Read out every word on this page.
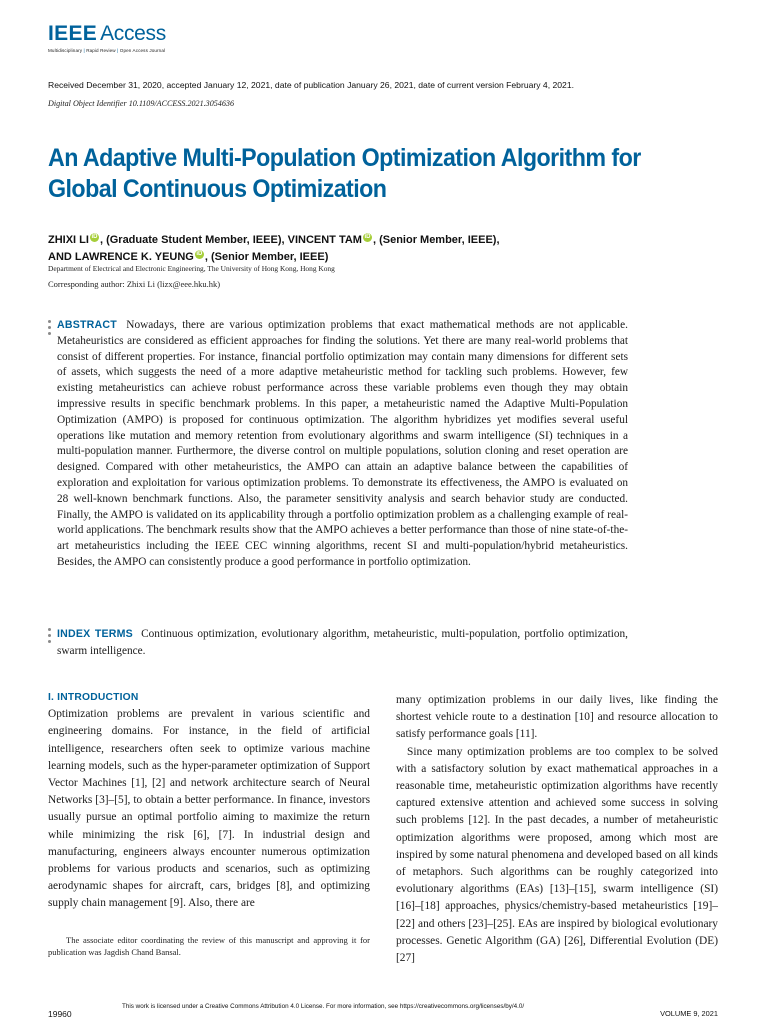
IEEE Access
Multidisciplinary | Rapid Review | Open Access Journal
Received December 31, 2020, accepted January 12, 2021, date of publication January 26, 2021, date of current version February 4, 2021.
Digital Object Identifier 10.1109/ACCESS.2021.3054636
An Adaptive Multi-Population Optimization Algorithm for Global Continuous Optimization
ZHIXI LI iD , (Graduate Student Member, IEEE), VINCENT TAM iD , (Senior Member, IEEE),
AND LAWRENCE K. YEUNG iD , (Senior Member, IEEE)
Department of Electrical and Electronic Engineering, The University of Hong Kong, Hong Kong
Corresponding author: Zhixi Li (lizx@eee.hku.hk)
ABSTRACT Nowadays, there are various optimization problems that exact mathematical methods are not applicable. Metaheuristics are considered as efficient approaches for finding the solutions. Yet there are many real-world problems that consist of different properties. For instance, financial portfolio optimization may contain many dimensions for different sets of assets, which suggests the need of a more adaptive metaheuristic method for tackling such problems. However, few existing metaheuristics can achieve robust performance across these variable problems even though they may obtain impressive results in specific benchmark problems. In this paper, a metaheuristic named the Adaptive Multi-Population Optimization (AMPO) is proposed for continuous optimization. The algorithm hybridizes yet modifies several useful operations like mutation and memory retention from evolutionary algorithms and swarm intelligence (SI) techniques in a multi-population manner. Furthermore, the diverse control on multiple populations, solution cloning and reset operation are designed. Compared with other metaheuristics, the AMPO can attain an adaptive balance between the capabilities of exploration and exploitation for various optimization problems. To demonstrate its effectiveness, the AMPO is evaluated on 28 well-known benchmark functions. Also, the parameter sensitivity analysis and search behavior study are conducted. Finally, the AMPO is validated on its applicability through a portfolio optimization problem as a challenging example of real-world applications. The benchmark results show that the AMPO achieves a better performance than those of nine state-of-the-art metaheuristics including the IEEE CEC winning algorithms, recent SI and multi-population/hybrid metaheuristics. Besides, the AMPO can consistently produce a good performance in portfolio optimization.
INDEX TERMS Continuous optimization, evolutionary algorithm, metaheuristic, multi-population, portfolio optimization, swarm intelligence.
I. INTRODUCTION

Optimization problems are prevalent in various scientific and engineering domains. For instance, in the field of artificial intelligence, researchers often seek to optimize various machine learning models, such as the hyper-parameter optimization of Support Vector Machines [1], [2] and network architecture search of Neural Networks [3]–[5], to obtain a better performance. In finance, investors usually pursue an optimal portfolio aiming to maximize the return while minimizing the risk [6], [7]. In industrial design and manufacturing, engineers always encounter numerous optimization problems for various products and scenarios, such as optimizing aerodynamic shapes for aircraft, cars, bridges [8], and optimizing supply chain management [9]. Also, there are

many optimization problems in our daily lives, like finding the shortest vehicle route to a destination [10] and resource allocation to satisfy performance goals [11].

Since many optimization problems are too complex to be solved with a satisfactory solution by exact mathematical approaches in a reasonable time, metaheuristic optimization algorithms have recently captured extensive attention and achieved some success in solving such problems [12]. In the past decades, a number of metaheuristic optimization algorithms were proposed, among which most are inspired by some natural phenomena and developed based on all kinds of metaphors. Such algorithms can be roughly categorized into evolutionary algorithms (EAs) [13]–[15], swarm intelligence (SI) [16]–[18] approaches, physics/chemistry-based metaheuristics [19]–[22] and others [23]–[25]. EAs are inspired by biological evolutionary processes. Genetic Algorithm (GA) [26], Differential Evolution (DE) [27]

The associate editor coordinating the review of this manuscript and approving it for publication was Jagdish Chand Bansal.
19960
This work is licensed under a Creative Commons Attribution 4.0 License. For more information, see https://creativecommons.org/licenses/by/4.0/
VOLUME 9, 2021
